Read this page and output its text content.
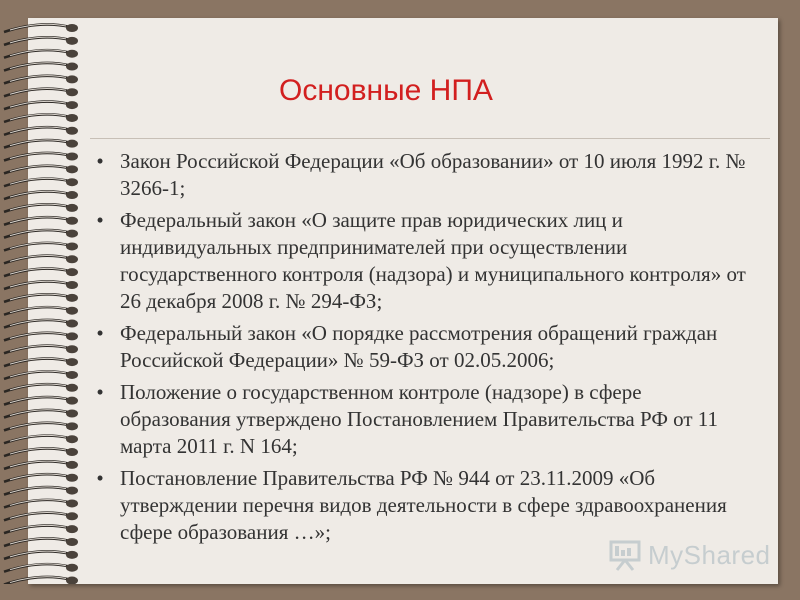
Основные НПА
• Закон Российской Федерации «Об образовании» от 10 июля 1992 г. № 3266-1;
• Федеральный закон «О защите прав юридических лиц и индивидуальных предпринимателей при осуществлении государственного контроля (надзора) и муниципального контроля» от 26 декабря 2008 г. № 294-ФЗ;
• Федеральный закон «О порядке рассмотрения обращений граждан Российской Федерации» № 59-ФЗ от 02.05.2006;
• Положение о государственном контроле (надзоре) в сфере образования утверждено Постановлением Правительства РФ от 11 марта 2011 г. N 164;
• Постановление Правительства РФ № 944 от 23.11.2009 «Об утверждении перечня видов деятельности в сфере здравоохранения сфере образования …»;
MyShared
